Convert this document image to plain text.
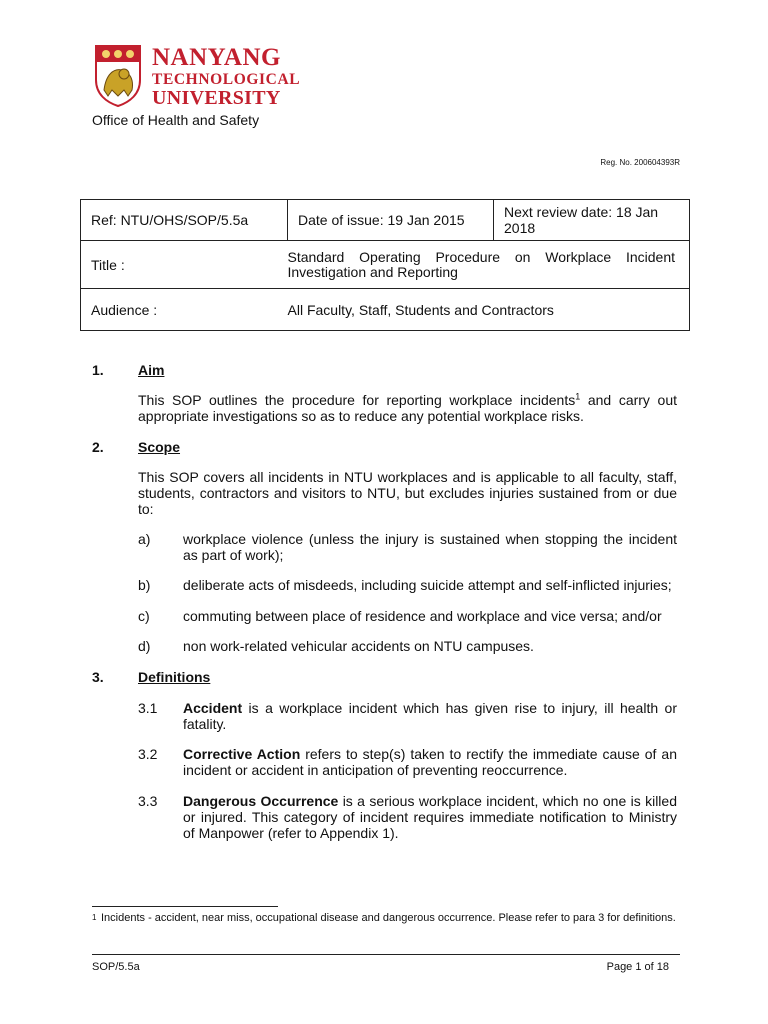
NANYANG
TECHNOLOGICAL
UNIVERSITY
Office of Health and Safety
Reg. No. 200604393R
Ref: NTU/OHS/SOP/5.5a	Date of issue: 19 Jan 2015	Next review date: 18 Jan 2018
Title :	Standard Operating Procedure on Workplace Incident Investigation and Reporting	
Audience :	All Faculty, Staff, Students and Contractors	
1. Aim
This SOP outlines the procedure for reporting workplace incidents$^1$ and carry out appropriate investigations so as to reduce any potential workplace risks.
2. Scope
This SOP covers all incidents in NTU workplaces and is applicable to all faculty, staff, students, contractors and visitors to NTU, but excludes injuries sustained from or due to:
a) workplace violence (unless the injury is sustained when stopping the incident as part of work);
b) deliberate acts of misdeeds, including suicide attempt and self-inflicted injuries;
c) commuting between place of residence and workplace and vice versa; and/or
d) non work-related vehicular accidents on NTU campuses.
3. Definitions
3.1 Accident is a workplace incident which has given rise to injury, ill health or fatality.
3.2 Corrective Action refers to step(s) taken to rectify the immediate cause of an incident or accident in anticipation of preventing reoccurrence.
3.3 Dangerous Occurrence is a serious workplace incident, which no one is killed or injured. This category of incident requires immediate notification to Ministry of Manpower (refer to Appendix 1).
1 Incidents - accident, near miss, occupational disease and dangerous occurrence. Please refer to para 3 for definitions.
SOP/5.5a	Page 1 of 18
